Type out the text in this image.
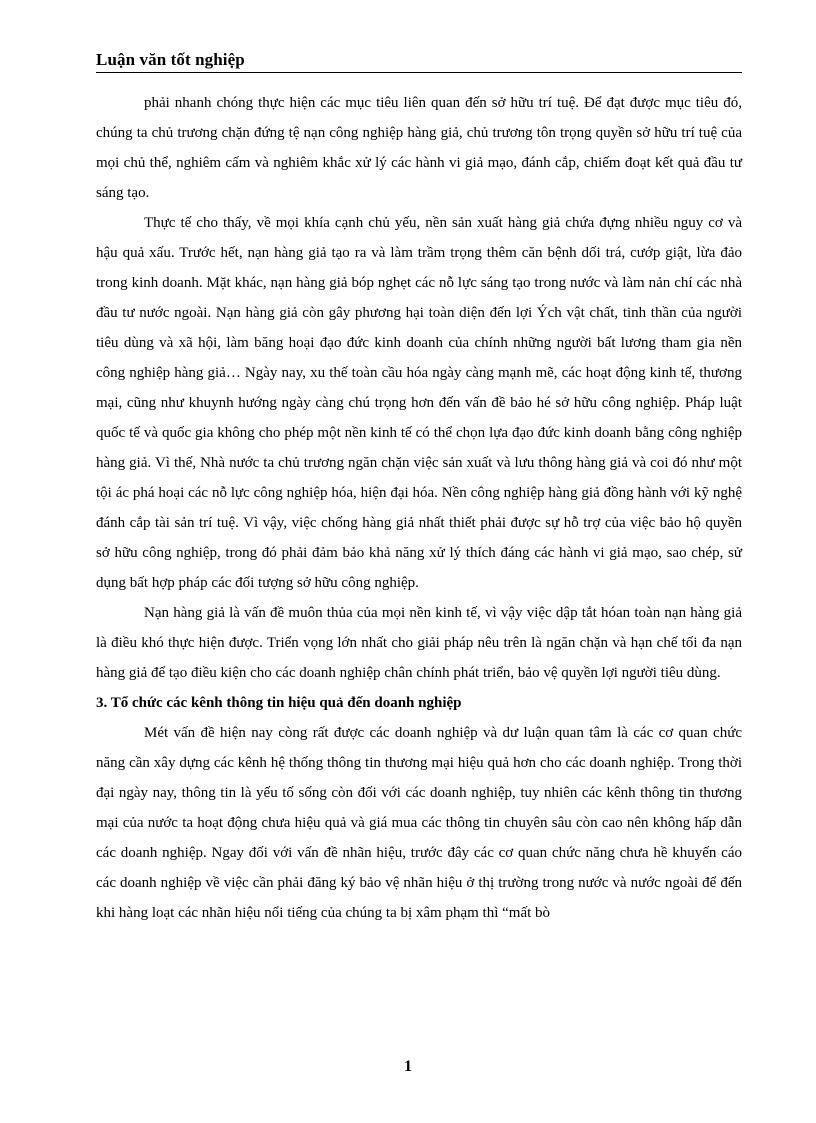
Luận văn tốt nghiệp

phải nhanh chóng thực hiện các mục tiêu liên quan đến sở hữu trí tuệ. Để đạt được mục tiêu đó, chúng ta chủ trương chặn đứng tệ nạn công nghiệp hàng giả, chủ trương tôn trọng quyền sở hữu trí tuệ của mọi chủ thể, nghiêm cấm và nghiêm khắc xử lý các hành vi giả mạo, đánh cắp, chiếm đoạt kết quả đầu tư sáng tạo.

Thực tế cho thấy, về mọi khía cạnh chủ yếu, nền sản xuất hàng giả chứa đựng nhiều nguy cơ và hậu quả xấu. Trước hết, nạn hàng giả tạo ra và làm trầm trọng thêm căn bệnh dối trá, cướp giật, lừa đảo trong kinh doanh. Mặt khác, nạn hàng giả bóp nghẹt các nỗ lực sáng tạo trong nước và làm nản chí các nhà đầu tư nước ngoài. Nạn hàng giả còn gây phương hại toàn diện đến lợi Ých vật chất, tinh thần của người tiêu dùng và xã hội, làm băng hoại đạo đức kinh doanh của chính những người bất lương tham gia nền công nghiệp hàng giả… Ngày nay, xu thế toàn cầu hóa ngày càng mạnh mẽ, các hoạt động kinh tế, thương mại, cũng như khuynh hướng ngày càng chú trọng hơn đến vấn đề bảo hé sở hữu công nghiệp. Pháp luật quốc tế và quốc gia không cho phép một nền kinh tế có thể chọn lựa đạo đức kinh doanh bằng công nghiệp hàng giả. Vì thế, Nhà nước ta chủ trương ngăn chặn việc sản xuất và lưu thông hàng giả và coi đó như một tội ác phá hoại các nỗ lực công nghiệp hóa, hiện đại hóa. Nền công nghiệp hàng giả đồng hành với kỹ nghệ đánh cắp tài sản trí tuệ. Vì vậy, việc chống hàng giả nhất thiết phải được sự hỗ trợ của việc bảo hộ quyền sở hữu công nghiệp, trong đó phải đảm bảo khả năng xử lý thích đáng các hành vi giả mạo, sao chép, sử dụng bất hợp pháp các đối tượng sở hữu công nghiệp.

Nạn hàng giả là vấn đề muôn thủa của mọi nền kinh tế, vì vậy việc dập tắt hóan toàn nạn hàng giả là điều khó thực hiện được. Triển vọng lớn nhất cho giải pháp nêu trên là ngăn chặn và hạn chế tối đa nạn hàng giả để tạo điều kiện cho các doanh nghiệp chân chính phát triển, bảo vệ quyền lợi người tiêu dùng.

3. Tổ chức các kênh thông tin hiệu quả đến doanh nghiệp

Mét vấn đề hiện nay còng rất được các doanh nghiệp và dư luận quan tâm là các cơ quan chức năng cần xây dựng các kênh hệ thống thông tin thương mại hiệu quả hơn cho các doanh nghiệp. Trong thời đại ngày nay, thông tin là yếu tố sống còn đối với các doanh nghiệp, tuy nhiên các kênh thông tin thương mại của nước ta hoạt động chưa hiệu quả và giá mua các thông tin chuyên sâu còn cao nên không hấp dẫn các doanh nghiệp. Ngay đối với vấn đề nhãn hiệu, trước đây các cơ quan chức năng chưa hề khuyến cáo các doanh nghiệp về việc cần phải đăng ký bảo vệ nhãn hiệu ở thị trường trong nước và nước ngoài để đến khi hàng loạt các nhãn hiệu nổi tiếng của chúng ta bị xâm phạm thì “mất bò

1
